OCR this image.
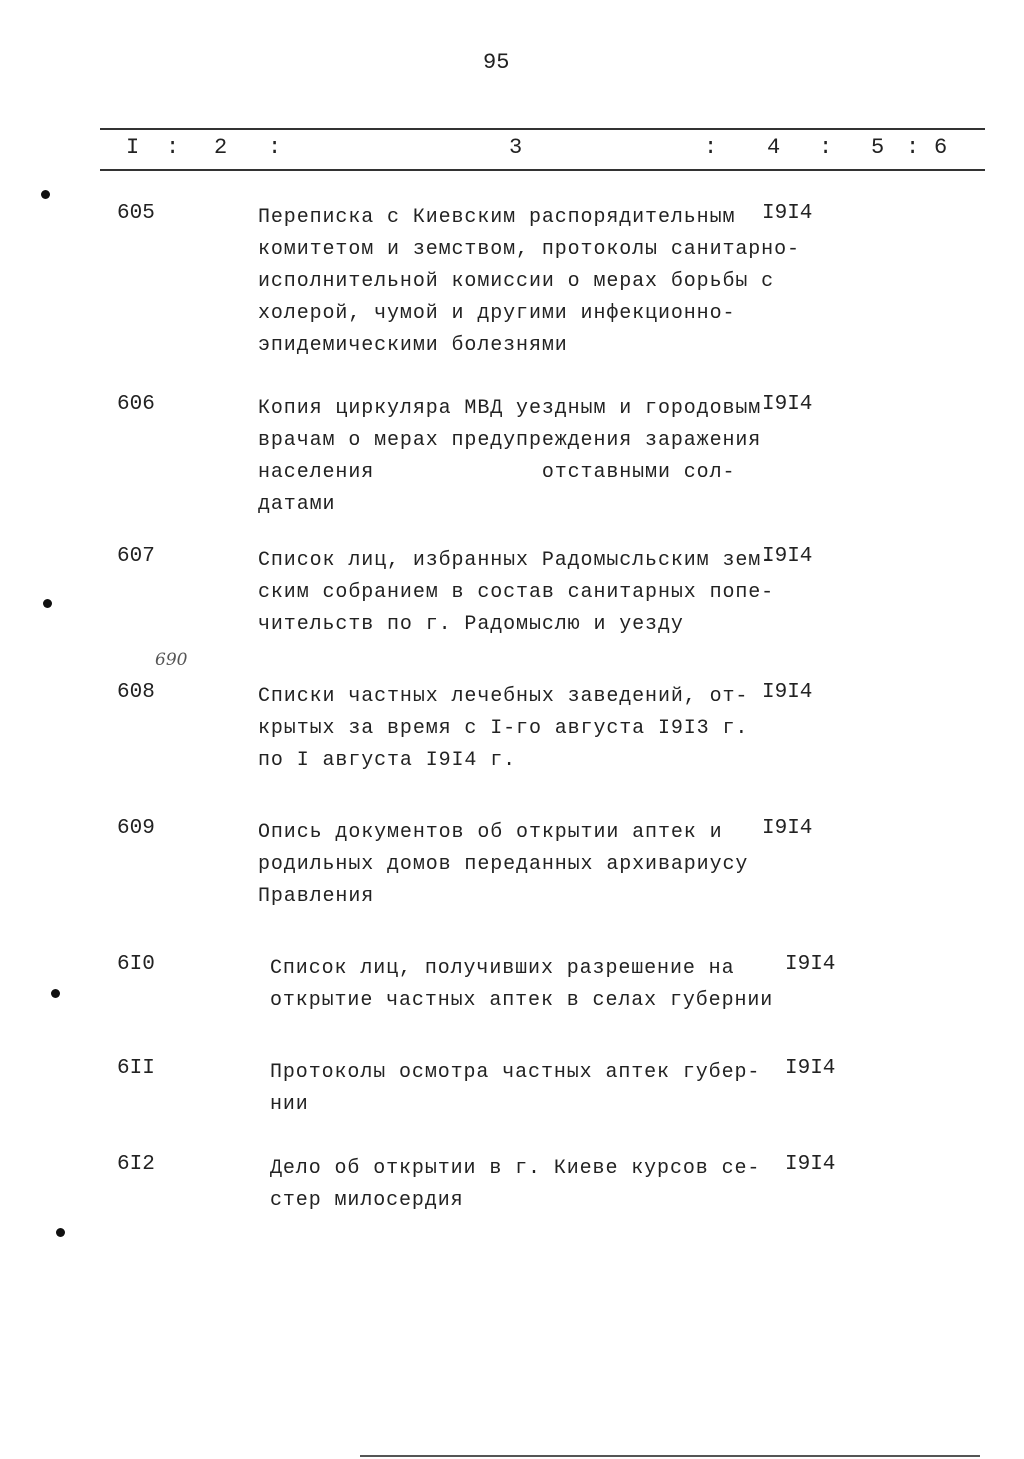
95
I : 2 :	3	: 4 : 5 : 6
690
605	Переписка с Киевским распорядительным
комитетом и земством, протоколы санитарно-
исполнительной комиссии о мерах борьбы с
холерой, чумой и другими инфекционно-
эпидемическими болезнями
I9I4
606	Копия циркуляра МВД уездным и городовым
врачам о мерах предупреждения заражения
населения             отставными сол-
датами
I9I4
607	Список лиц, избранных Радомысльским зем-
ским собранием в состав санитарных попе-
чительств по г. Радомыслю и уезду
I9I4
608	Списки частных лечебных заведений, от-
крытых за время с I-го августа I9I3 г.
по I августа I9I4 г.
I9I4
609	Опись документов об открытии аптек и
родильных домов переданных архивариусу
Правления
I9I4
6I0	Список лиц, получивших разрешение на
открытие частных аптек в селах губернии
I9I4
6II	Протоколы осмотра частных аптек губер-
нии
I9I4
6I2	Дело об открытии в г. Киеве курсов се-
стер милосердия
I9I4
